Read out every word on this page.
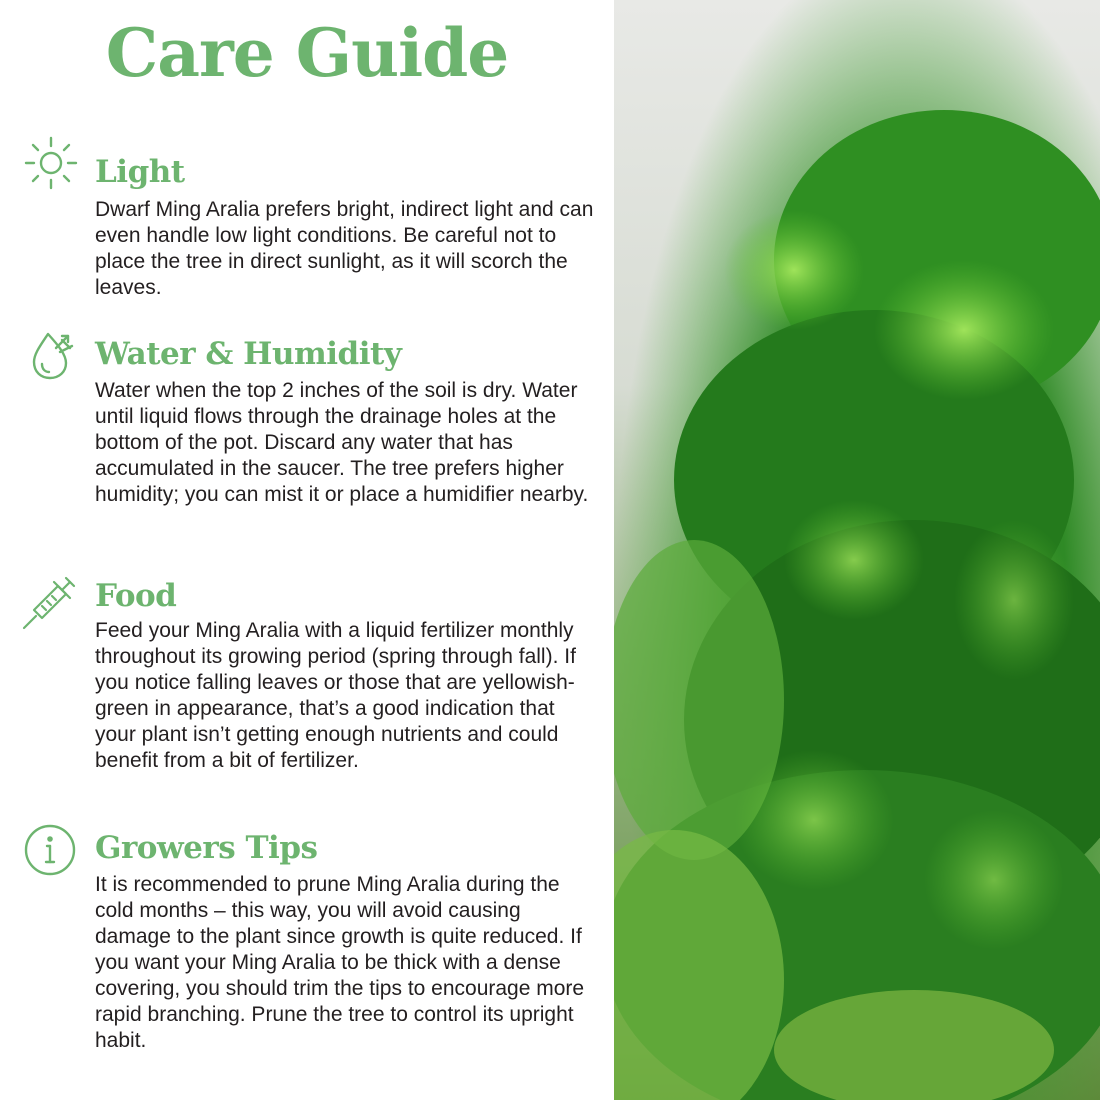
Care Guide
Light

Dwarf Ming Aralia prefers bright, indirect light and can even handle low light conditions. Be careful not to place the tree in direct sunlight, as it will scorch the leaves.

Water & Humidity

Water when the top 2 inches of the soil is dry. Water until liquid flows through the drainage holes at the bottom of the pot. Discard any water that has accumulated in the saucer. The tree prefers higher humidity; you can mist it or place a humidifier nearby.

Food

Feed your Ming Aralia with a liquid fertilizer monthly throughout its growing period (spring through fall). If you notice falling leaves or those that are yellowish-green in appearance, that’s a good indication that your plant isn’t getting enough nutrients and could benefit from a bit of fertilizer.

Growers Tips

It is recommended to prune Ming Aralia during the cold months – this way, you will avoid causing damage to the plant since growth is quite reduced. If you want your Ming Aralia to be thick with a dense covering, you should trim the tips to encourage more rapid branching. Prune the tree to control its upright habit.
